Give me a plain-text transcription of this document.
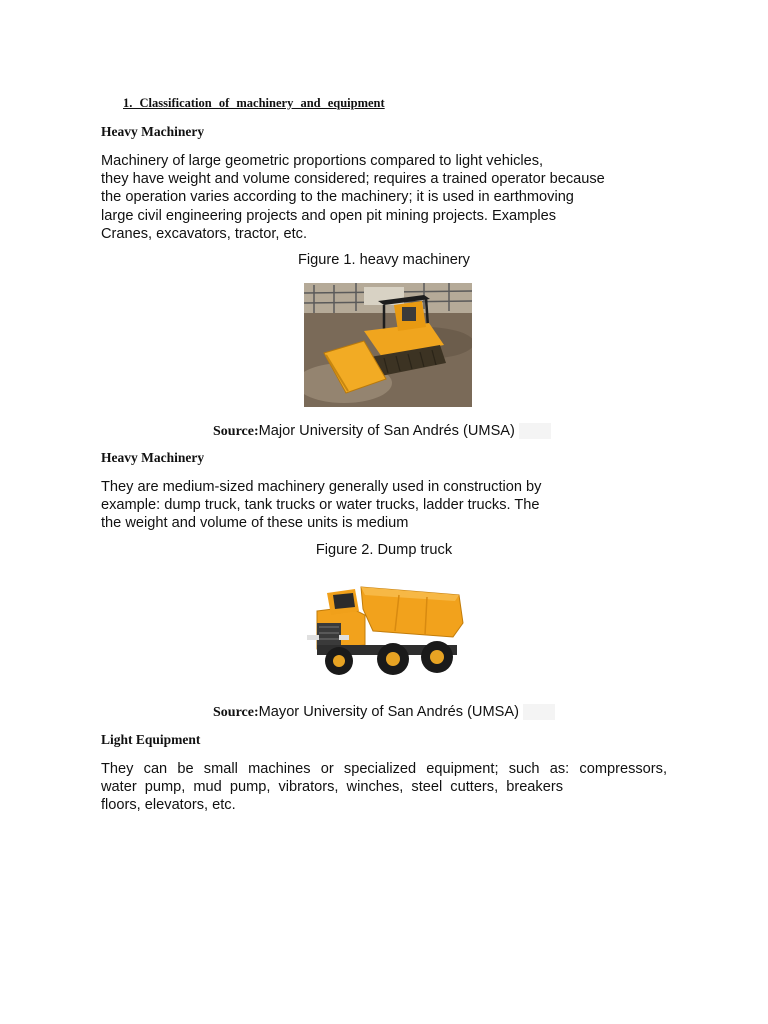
1. Classification of machinery and equipment
Heavy Machinery
Machinery of large geometric proportions compared to light vehicles,
they have weight and volume considered; requires a trained operator because
the operation varies according to the machinery; it is used in earthmoving
large civil engineering projects and open pit mining projects. Examples
Cranes, excavators, tractor, etc.
Figure 1. heavy machinery
Source:Major University of San Andrés (UMSA)
Heavy Machinery
They are medium-sized machinery generally used in construction by
example: dump truck, tank trucks or water trucks, ladder trucks. The
the weight and volume of these units is medium
Figure 2. Dump truck
Source:Mayor University of San Andrés (UMSA)
Light Equipment
They can be small machines or specialized equipment; such as: compressors,
water pump, mud pump, vibrators, winches, steel cutters, breakers
floors, elevators, etc.
